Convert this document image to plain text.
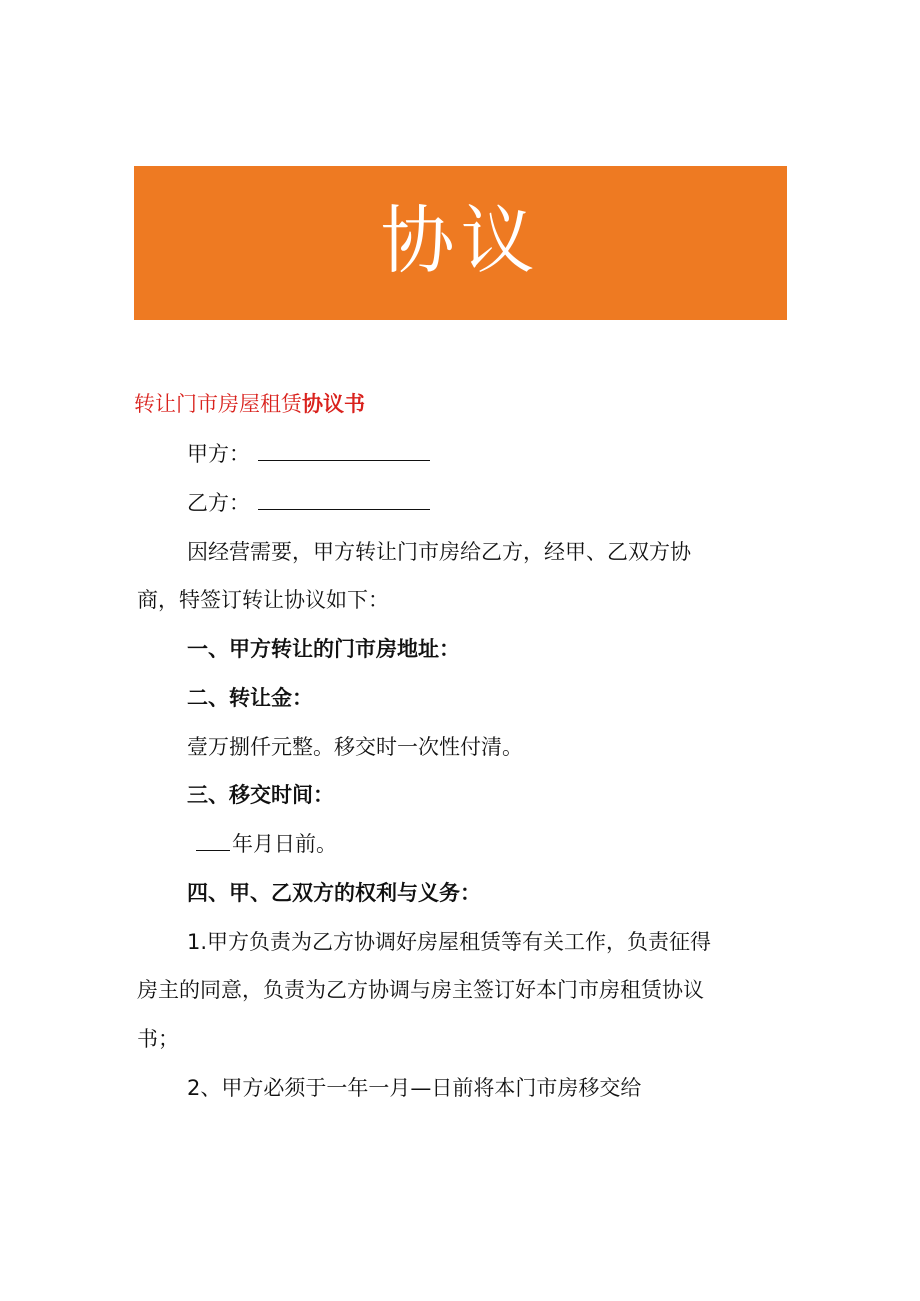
协议
转让门市房屋租赁协议书
甲方：
乙方：
因经营需要，甲方转让门市房给乙方，经甲、乙双方协
商，特签订转让协议如下：
一、甲方转让的门市房地址：
二、转让金：
壹万捌仟元整。移交时一次性付清。
三、移交时间：
年月日前。
四、甲、乙双方的权利与义务：
1.甲方负责为乙方协调好房屋租赁等有关工作，负责征得
房主的同意，负责为乙方协调与房主签订好本门市房租赁协议
书；
2、甲方必须于一年一月—日前将本门市房移交给
